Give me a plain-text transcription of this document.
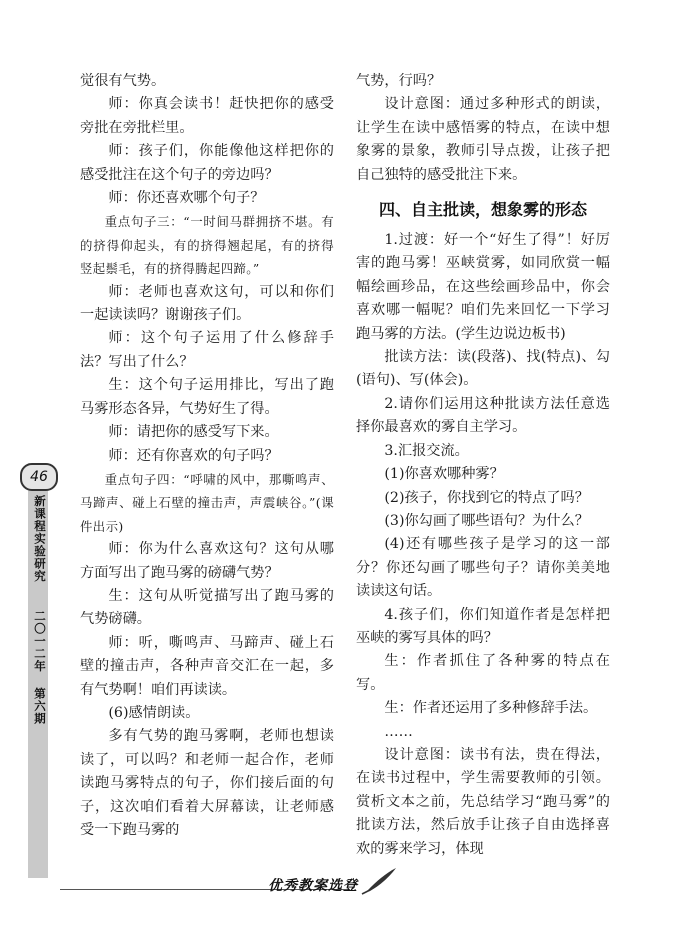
46
新课程实验研究
二〇一二年 第六期

觉很有气势。

师：你真会读书！赶快把你的感受旁批在旁批栏里。

师：孩子们，你能像他这样把你的感受批注在这个句子的旁边吗？

师：你还喜欢哪个句子？

重点句子三：“一时间马群拥挤不堪。有的挤得仰起头，有的挤得翘起尾，有的挤得竖起鬃毛，有的挤得腾起四蹄。”

师：老师也喜欢这句，可以和你们一起读读吗？谢谢孩子们。

师：这个句子运用了什么修辞手法？写出了什么？

生：这个句子运用排比，写出了跑马雾形态各异，气势好生了得。

师：请把你的感受写下来。

师：还有你喜欢的句子吗？

重点句子四：“呼啸的风中，那嘶鸣声、马蹄声、碰上石壁的撞击声，声震峡谷。”(课件出示)

师：你为什么喜欢这句？这句从哪方面写出了跑马雾的磅礴气势？

生：这句从听觉描写出了跑马雾的气势磅礴。

师：听，嘶鸣声、马蹄声、碰上石壁的撞击声，各种声音交汇在一起，多有气势啊！咱们再读读。

(6)感情朗读。

多有气势的跑马雾啊，老师也想读读了，可以吗？和老师一起合作，老师读跑马雾特点的句子，你们接后面的句子，这次咱们看着大屏幕读，让老师感受一下跑马雾的

气势，行吗？

设计意图：通过多种形式的朗读，让学生在读中感悟雾的特点，在读中想象雾的景象，教师引导点拨，让孩子把自己独特的感受批注下来。

四、自主批读，想象雾的形态

1.过渡：好一个“好生了得”！好厉害的跑马雾！巫峡赏雾，如同欣赏一幅幅绘画珍品，在这些绘画珍品中，你会喜欢哪一幅呢？咱们先来回忆一下学习跑马雾的方法。(学生边说边板书)

批读方法：读(段落)、找(特点)、勾(语句)、写(体会)。

2.请你们运用这种批读方法任意选择你最喜欢的雾自主学习。

3.汇报交流。

(1)你喜欢哪种雾？

(2)孩子，你找到它的特点了吗？

(3)你勾画了哪些语句？为什么？

(4)还有哪些孩子是学习的这一部分？你还勾画了哪些句子？请你美美地读读这句话。

4.孩子们，你们知道作者是怎样把巫峡的雾写具体的吗？

生：作者抓住了各种雾的特点在写。

生：作者还运用了多种修辞手法。

……

设计意图：读书有法，贵在得法，在读书过程中，学生需要教师的引领。赏析文本之前，先总结学习“跑马雾”的批读方法，然后放手让孩子自由选择喜欢的雾来学习，体现

优秀教案选登
